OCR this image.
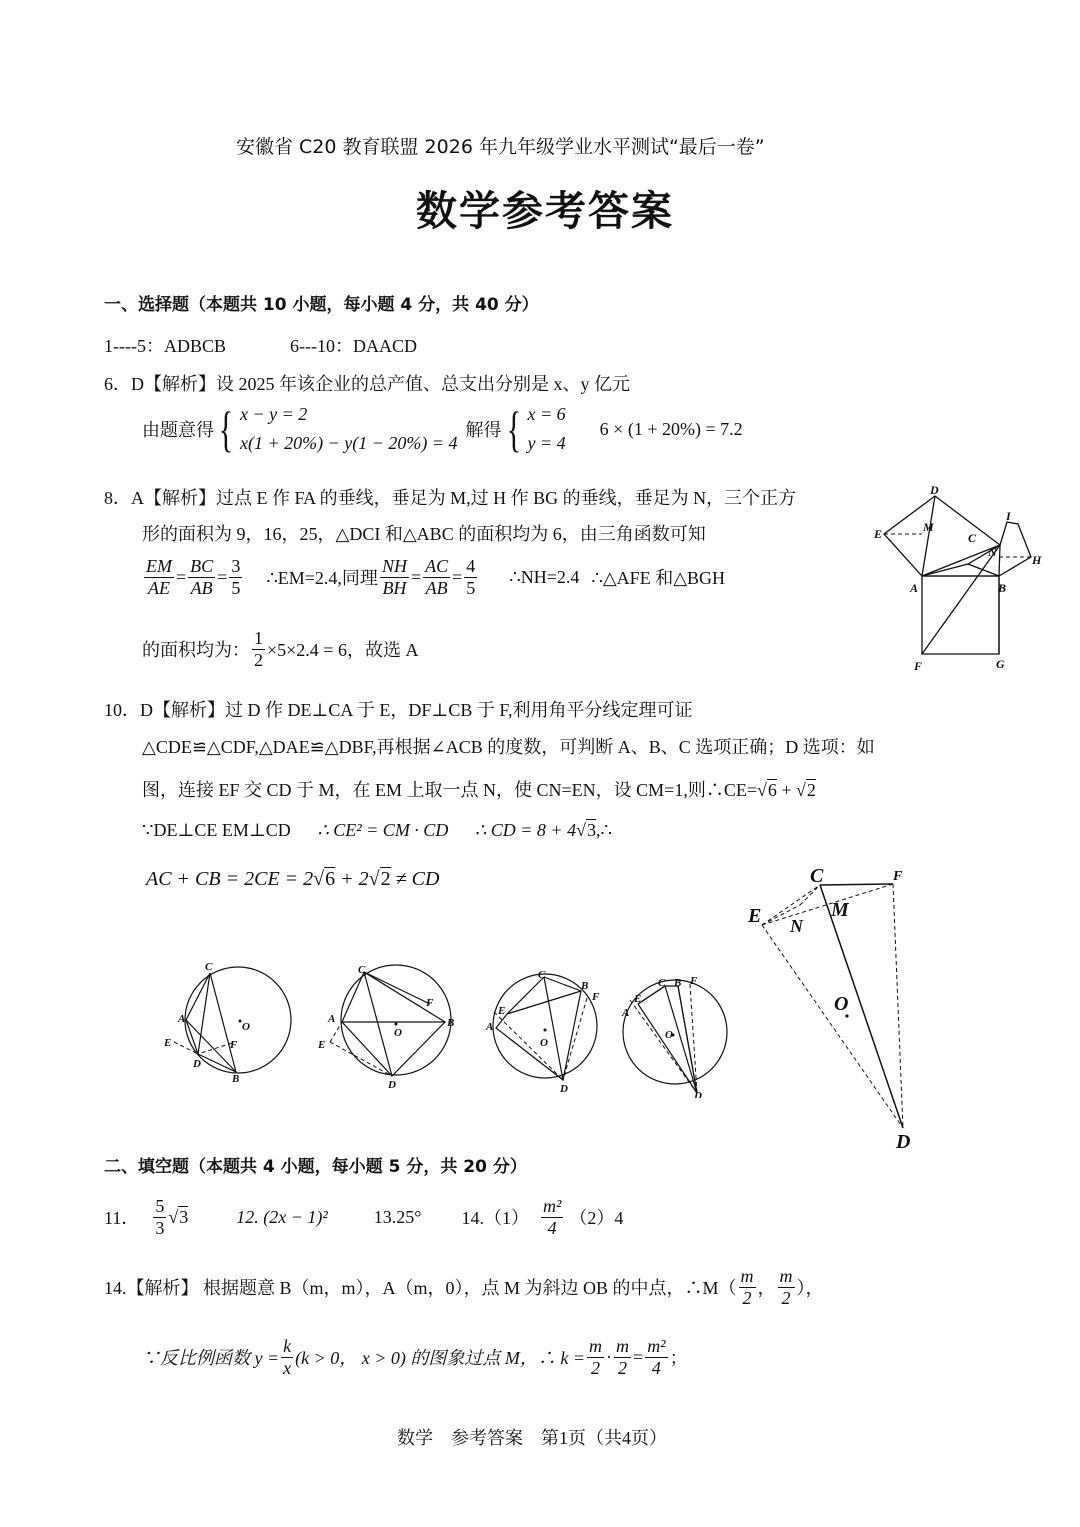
安徽省 C20 教育联盟 2026 年九年级学业水平测试“最后一卷”
数学参考答案
一、选择题（本题共 10 小题，每小题 4 分，共 40 分）
1----5：ADBCB	6---10：DAACD
6．D【解析】设 2025 年该企业的总产值、总支出分别是 x、y 亿元
由题意得 { x − y = 2
x(1 + 20%) − y(1 − 20%) = 4
解得 { x = 6
y = 4
6 × (1 + 20%) = 7.2
8．A【解析】过点 E 作 FA 的垂线，垂足为 M,过 H 作 BG 的垂线，垂足为 N，三个正方
形的面积为 9，16，25，△DCI 和△ABC 的面积均为 6，由三角函数可知
$\frac{EM}{AE} = \frac{BC}{AB} = \frac{3}{5}$ ∴EM=2.4,同理 $\frac{NH}{BH} = \frac{AC}{AB} = \frac{4}{5}$ ∴NH=2.4 ∴△AFE 和△BGH
的面积均为： $\frac{1}{2} \times 5\times 2.4 = 6$，故选 A
D
I
E	M
C
N
H
A	B
F	G
10．D【解析】过 D 作 DE⊥CA 于 E，DF⊥CB 于 F,利用角平分线定理可证
△CDE≌△CDF,△DAE≌△DBF,再根据∠ACB 的度数，可判断 A、B、C 选项正确；D 选项：如
图，连接 EF 交 CD 于 M，在 EM 上取一点 N，使 CN=EN，设 CM=1,则∴CE=√6 + √2
∵DE⊥CE EM⊥CD ∴ CE² = CM · CD ∴ CD = 8 + 4√3,∴
AC + CB = 2CE = 2√6 + 2√2 ≠ CD
C
A
E
D
B
F
O
C
A
E
D
B
F
O
C
E
A
D
B
F
O
C B F
E
A
D
O
C	F
E	M
N
O
D
二、填空题（本题共 4 小题，每小题 5 分，共 20 分）
11． $\frac{5}{3} √3$	12. (2x − 1)²	13.25° $14.(1) \frac{\text{m²}}{4} (2)4$
14.【解析】 根据题意 B（m，m），A（m，0），点 M 为斜边 OB 的中点，∴M（ $\frac{m}{2}$ ， $\frac{m}{2}$ ），
∵反比例函数 $y = \frac{k}{x} (k > 0$， x > 0) 的图象过点 M，∴ $k = \frac{m}{2} \cdot \frac{m}{2} = \frac{\text{m²}}{4}$ ；
数学　参考答案　第1页（共4页）
